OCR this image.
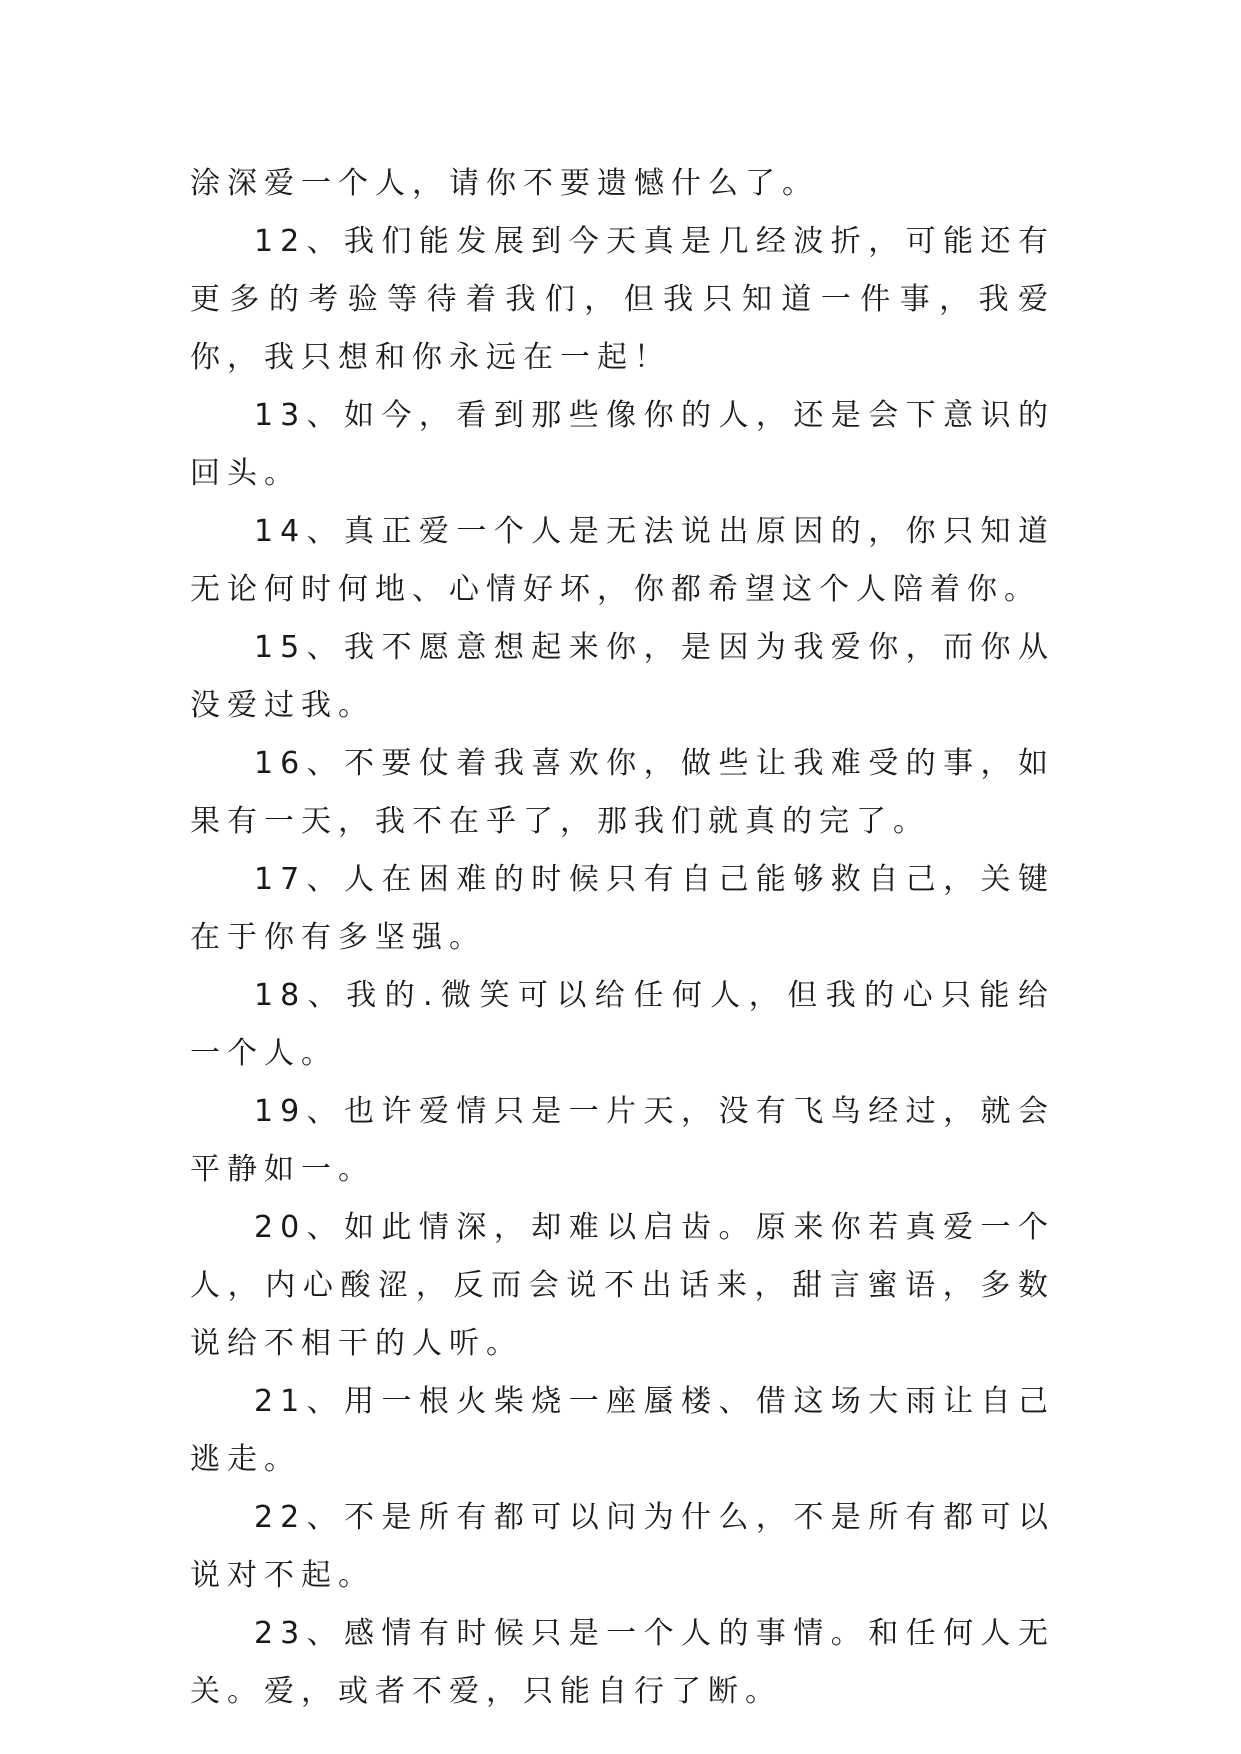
涂深爱一个人，请你不要遗憾什么了。

12、我们能发展到今天真是几经波折，可能还有更多的考验等待着我们，但我只知道一件事，我爱你，我只想和你永远在一起！

13、如今，看到那些像你的人，还是会下意识的回头。

14、真正爱一个人是无法说出原因的，你只知道无论何时何地、心情好坏，你都希望这个人陪着你。

15、我不愿意想起来你，是因为我爱你，而你从没爱过我。

16、不要仗着我喜欢你，做些让我难受的事，如果有一天，我不在乎了，那我们就真的完了。

17、人在困难的时候只有自己能够救自己，关键在于你有多坚强。

18、我的.微笑可以给任何人，但我的心只能给一个人。

19、也许爱情只是一片天，没有飞鸟经过，就会平静如一。

20、如此情深，却难以启齿。原来你若真爱一个人，内心酸涩，反而会说不出话来，甜言蜜语，多数说给不相干的人听。

21、用一根火柴烧一座蜃楼、借这场大雨让自己逃走。

22、不是所有都可以问为什么，不是所有都可以说对不起。

23、感情有时候只是一个人的事情。和任何人无关。爱，或者不爱，只能自行了断。
